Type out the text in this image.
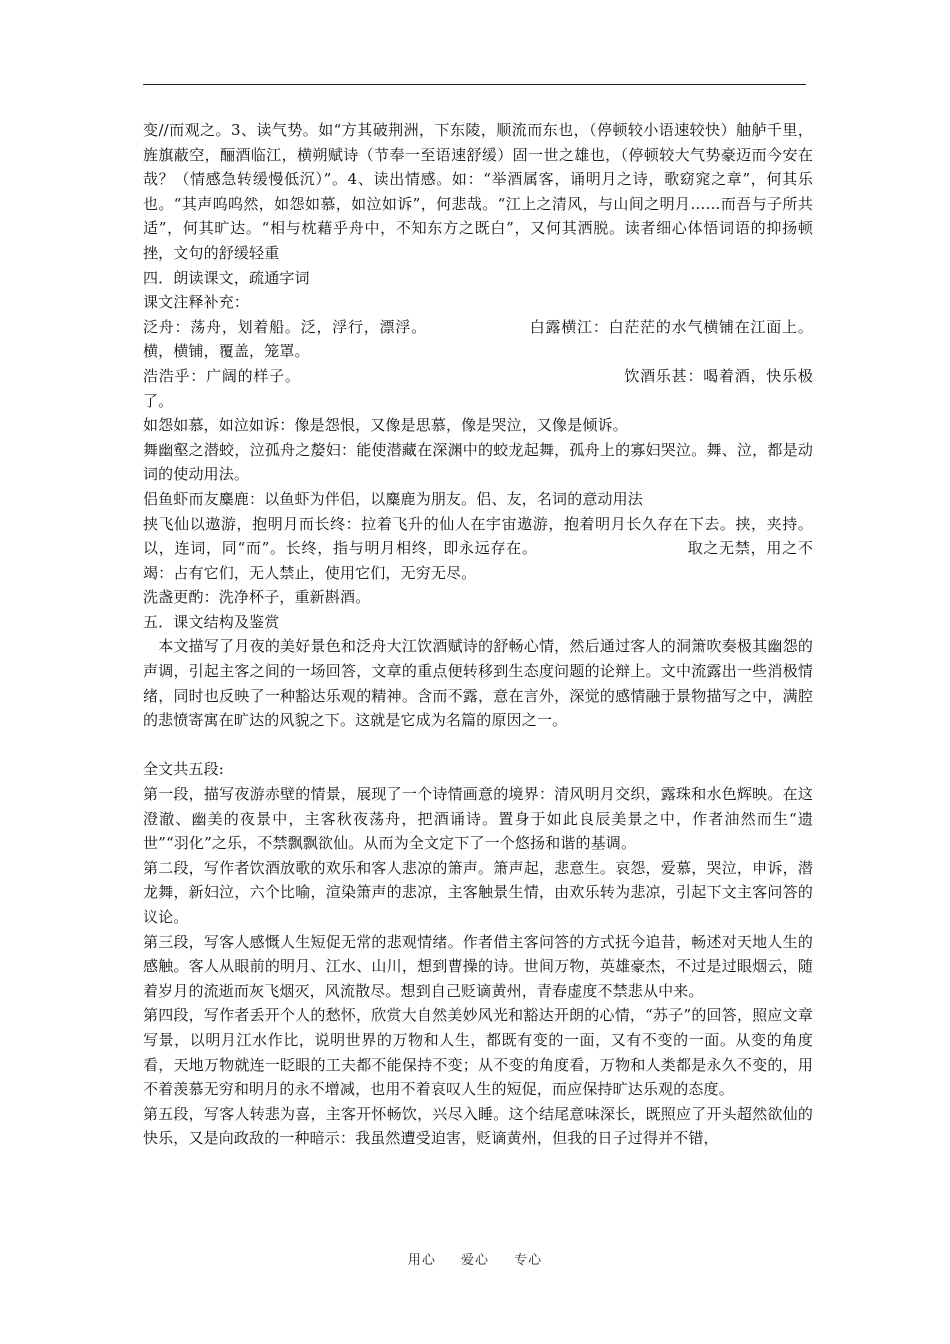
变//而观之。3、读气势。如“方其破荆洲，下东陵，顺流而东也，（停顿较小语速较快）舳舻千里，旌旗蔽空，酾酒临江，横朔赋诗（节奉一至语速舒缓）固一世之雄也，（停顿较大气势豪迈而今安在哉？（情感急转缓慢低沉）”。4、读出情感。如：“举酒属客，诵明月之诗，歌窈窕之章”，何其乐也。“其声呜呜然，如怨如慕，如泣如诉”，何悲哉。“江上之清风，与山间之明月……而吾与子所共适”，何其旷达。“相与枕藉乎舟中，不知东方之既白”，又何其洒脱。读者细心体悟词语的抑扬顿挫，文句的舒缓轻重

四．朗读课文，疏通字词

课文注释补充：

泛舟：荡舟，划着船。泛，浮行，漂浮。　　　　　　　白露横江：白茫茫的水气横铺在江面上。横，横铺，覆盖，笼罩。

浩浩乎：广阔的样子。　　　　　　　　　　　　　　　　　　　　　饮酒乐甚：喝着酒，快乐极了。

如怨如慕，如泣如诉：像是怨恨，又像是思慕，像是哭泣，又像是倾诉。

舞幽壑之潜蛟，泣孤舟之嫠妇：能使潜藏在深渊中的蛟龙起舞，孤舟上的寡妇哭泣。舞、泣，都是动词的使动用法。

侣鱼虾而友麋鹿：以鱼虾为伴侣，以麋鹿为朋友。侣、友，名词的意动用法

挟飞仙以遨游，抱明月而长终：拉着飞升的仙人在宇宙遨游，抱着明月长久存在下去。挟，夹持。以，连词，同“而”。长终，指与明月相终，即永远存在。　　　　　　　　　　取之无禁，用之不竭：占有它们，无人禁止，使用它们，无穷无尽。

洗盏更酌：洗净杯子，重新斟酒。

五．课文结构及鉴赏

　本文描写了月夜的美好景色和泛舟大江饮酒赋诗的舒畅心情，然后通过客人的洞箫吹奏极其幽怨的声调，引起主客之间的一场回答，文章的重点便转移到生态度问题的论辩上。文中流露出一些消极情绪，同时也反映了一种豁达乐观的精神。含而不露，意在言外，深觉的感情融于景物描写之中，满腔的悲愤寄寓在旷达的风貌之下。这就是它成为名篇的原因之一。

全文共五段:

第一段，描写夜游赤壁的情景，展现了一个诗情画意的境界：清风明月交织，露珠和水色辉映。在这澄澈、幽美的夜景中，主客秋夜荡舟，把酒诵诗。置身于如此良辰美景之中，作者油然而生“遗世”“羽化”之乐，不禁飘飘欲仙。从而为全文定下了一个悠扬和谐的基调。

第二段，写作者饮酒放歌的欢乐和客人悲凉的箫声。箫声起，悲意生。哀怨，爱慕，哭泣，申诉，潜龙舞，新妇泣，六个比喻，渲染箫声的悲凉，主客触景生情，由欢乐转为悲凉，引起下文主客问答的议论。

第三段，写客人感慨人生短促无常的悲观情绪。作者借主客问答的方式抚今追昔，畅述对天地人生的感触。客人从眼前的明月、江水、山川，想到曹操的诗。世间万物，英雄豪杰，不过是过眼烟云，随着岁月的流逝而灰飞烟灭，风流散尽。想到自己贬谪黄州，青春虚度不禁悲从中来。

第四段，写作者丢开个人的愁怀，欣赏大自然美妙风光和豁达开朗的心情，“苏子”的回答，照应文章写景，以明月江水作比，说明世界的万物和人生，都既有变的一面，又有不变的一面。从变的角度看，天地万物就连一眨眼的工夫都不能保持不变；从不变的角度看，万物和人类都是永久不变的，用不着羡慕无穷和明月的永不增减，也用不着哀叹人生的短促，而应保持旷达乐观的态度。

第五段，写客人转悲为喜，主客开怀畅饮，兴尽入睡。这个结尾意味深长，既照应了开头超然欲仙的快乐，又是向政敌的一种暗示：我虽然遭受迫害，贬谪黄州，但我的日子过得并不错，

用心 爱心 专心
